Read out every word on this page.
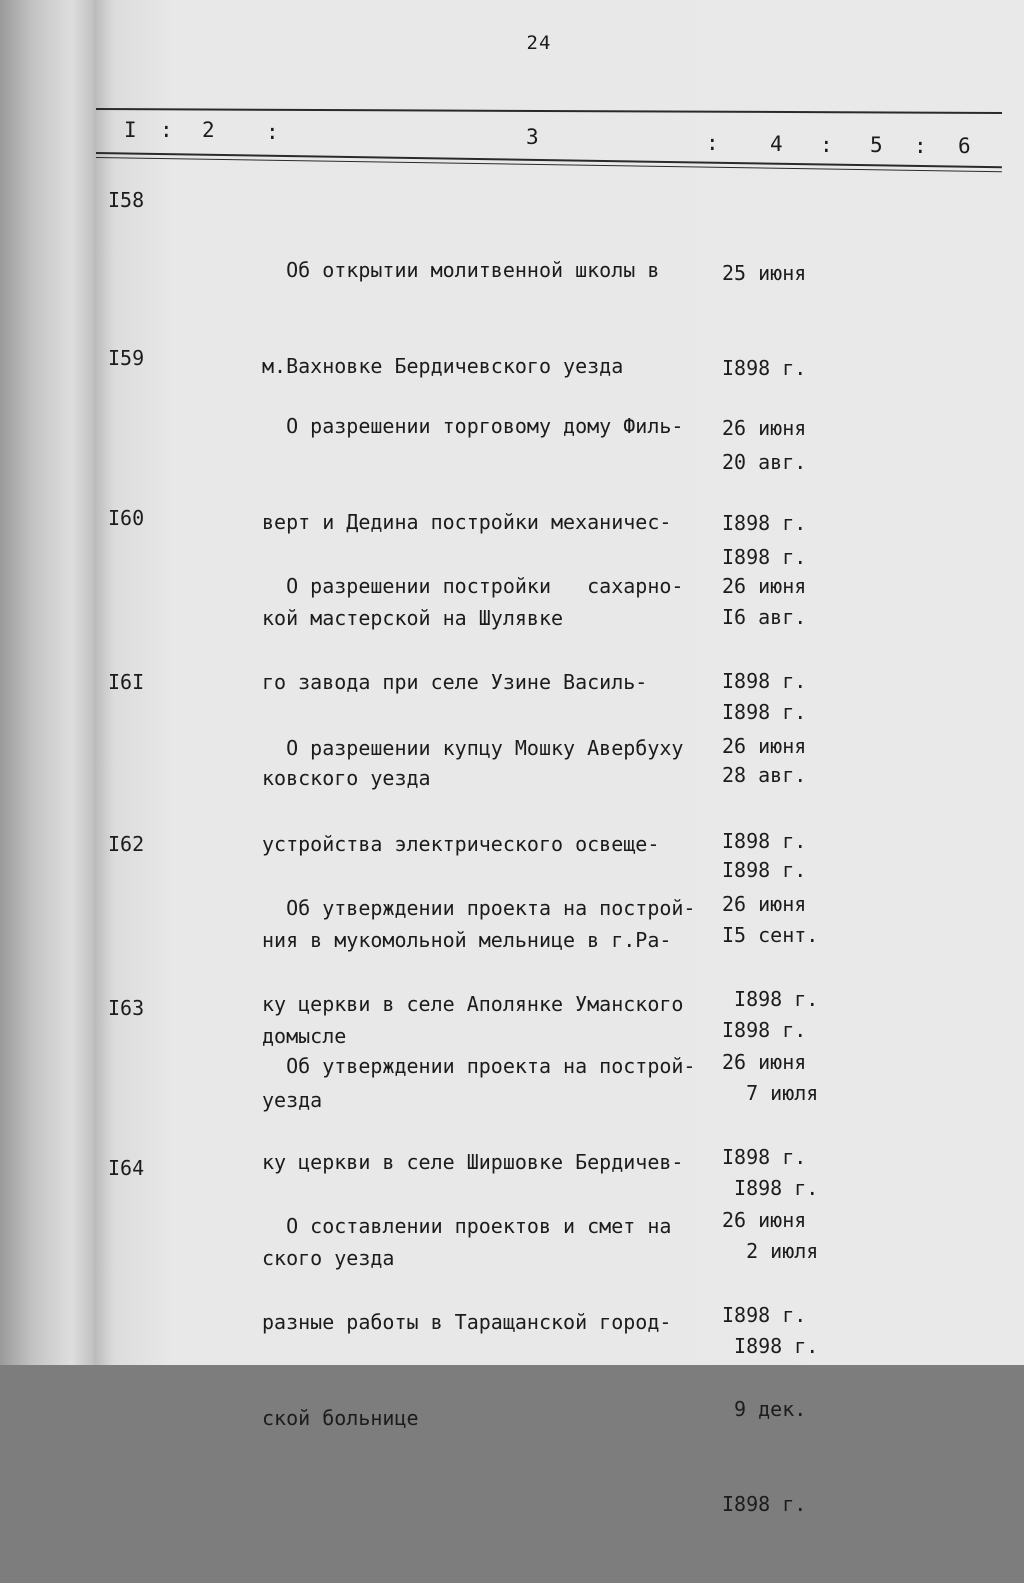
24
I : 2 :	3	: 4 : 5 : 6
I58

Об открытии молитвенной школы в

м.Вахновке Бердичевского уезда

25 июня

I898 г.

20 авг.

I898 г.

I59

О разрешении торговому дому Филь-

верт и Дедина постройки механичес-

кой мастерской на Шулявке

26 июня

I898 г.

I6 авг.

I898 г.

I60

О разрешении постройки   сахарно-

го завода при селе Узине Василь-

ковского уезда

26 июня

I898 г.

28 авг.

I898 г.

I6I

О разрешении купцу Мошку Авербуху

устройства электрического освеще-

ния в мукомольной мельнице в г.Ра-

домысле

26 июня

I898 г.

I5 сент.

I898 г.

I62

Об утверждении проекта на построй-

ку церкви в селе Аполянке Уманского

уезда

26 июня

I898 г.

7 июля

I898 г.

I63

Об утверждении проекта на построй-

ку церкви в селе Ширшовке Бердичев-

ского уезда

26 июня

I898 г.

2 июля

I898 г.

I64

О составлении проектов и смет на

разные работы в Таращанской город-

ской больнице

26 июня

I898 г.

9 дек.

I898 г.
